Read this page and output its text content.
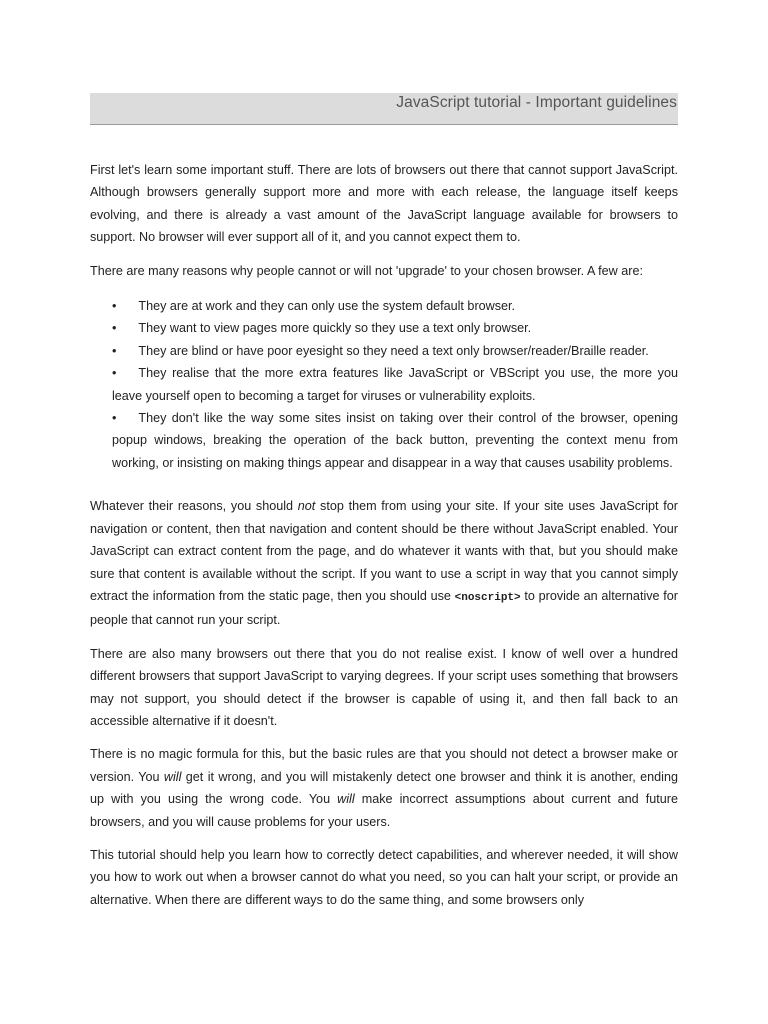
JavaScript tutorial - Important guidelines

First let's learn some important stuff. There are lots of browsers out there that cannot support JavaScript. Although browsers generally support more and more with each release, the language itself keeps evolving, and there is already a vast amount of the JavaScript language available for browsers to support. No browser will ever support all of it, and you cannot expect them to.

There are many reasons why people cannot or will not 'upgrade' to your chosen browser. A few are:

• They are at work and they can only use the system default browser.
• They want to view pages more quickly so they use a text only browser.
• They are blind or have poor eyesight so they need a text only browser/reader/Braille reader.
• They realise that the more extra features like JavaScript or VBScript you use, the more you leave yourself open to becoming a target for viruses or vulnerability exploits.
• They don't like the way some sites insist on taking over their control of the browser, opening popup windows, breaking the operation of the back button, preventing the context menu from working, or insisting on making things appear and disappear in a way that causes usability problems.

Whatever their reasons, you should not stop them from using your site. If your site uses JavaScript for navigation or content, then that navigation and content should be there without JavaScript enabled. Your JavaScript can extract content from the page, and do whatever it wants with that, but you should make sure that content is available without the script. If you want to use a script in way that you cannot simply extract the information from the static page, then you should use <noscript> to provide an alternative for people that cannot run your script.

There are also many browsers out there that you do not realise exist. I know of well over a hundred different browsers that support JavaScript to varying degrees. If your script uses something that browsers may not support, you should detect if the browser is capable of using it, and then fall back to an accessible alternative if it doesn't.

There is no magic formula for this, but the basic rules are that you should not detect a browser make or version. You will get it wrong, and you will mistakenly detect one browser and think it is another, ending up with you using the wrong code. You will make incorrect assumptions about current and future browsers, and you will cause problems for your users.

This tutorial should help you learn how to correctly detect capabilities, and wherever needed, it will show you how to work out when a browser cannot do what you need, so you can halt your script, or provide an alternative. When there are different ways to do the same thing, and some browsers only
